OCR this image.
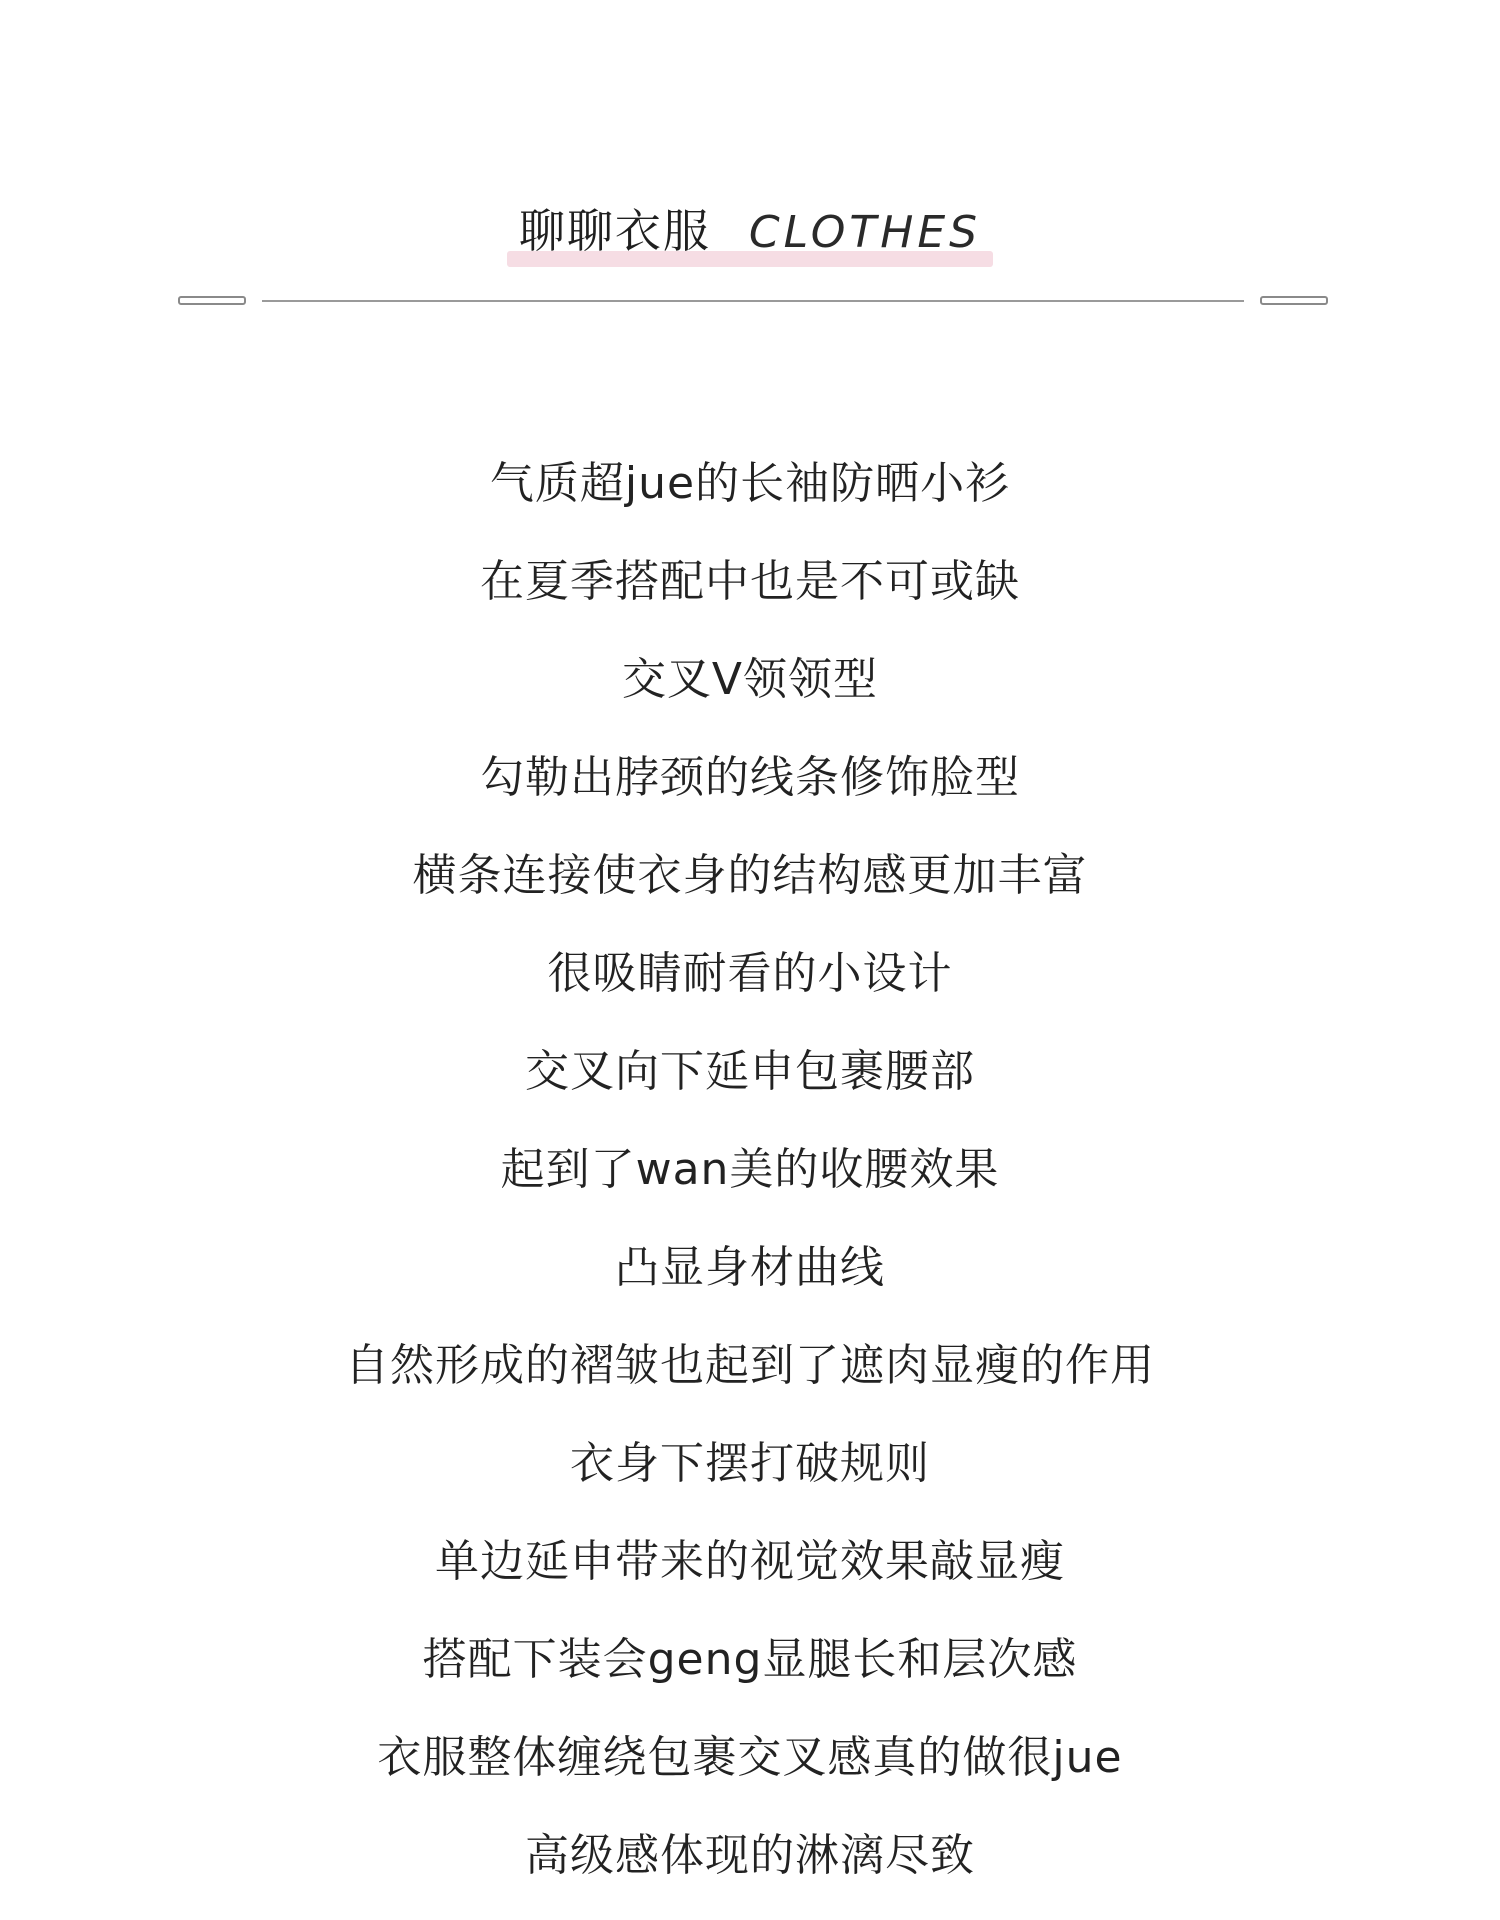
聊聊衣服 CLOTHES
气质超jue的长袖防晒小衫
在夏季搭配中也是不可或缺
交叉V领领型
勾勒出脖颈的线条修饰脸型
横条连接使衣身的结构感更加丰富
很吸睛耐看的小设计
交叉向下延申包裹腰部
起到了wan美的收腰效果
凸显身材曲线
自然形成的褶皱也起到了遮肉显瘦的作用
衣身下摆打破规则
单边延申带来的视觉效果敲显瘦
搭配下装会geng显腿长和层次感
衣服整体缠绕包裹交叉感真的做很jue
高级感体现的淋漓尽致
